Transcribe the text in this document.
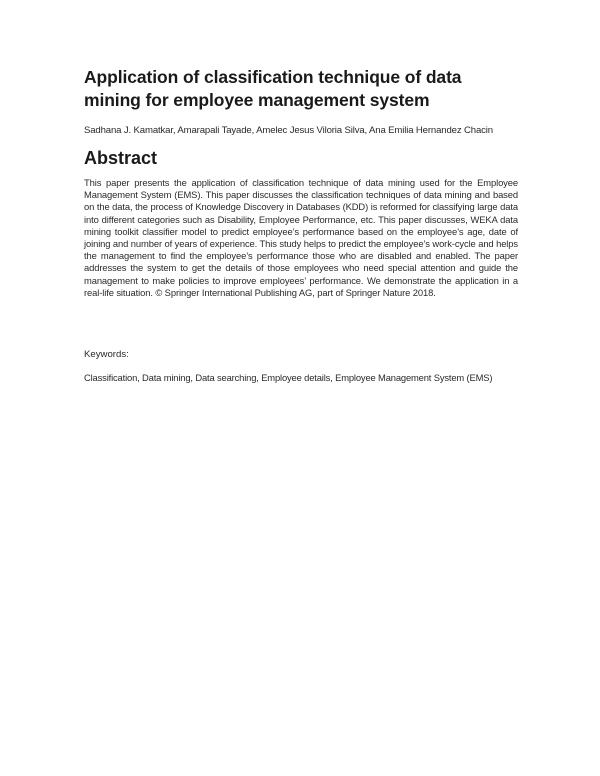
Application of classification technique of data mining for employee management system
Sadhana J. Kamatkar, Amarapali Tayade, Amelec Jesus Viloria Silva, Ana Emilia Hernandez Chacin
Abstract

This paper presents the application of classification technique of data mining used for the Employee Management System (EMS). This paper discusses the classification techniques of data mining and based on the data, the process of Knowledge Discovery in Databases (KDD) is reformed for classifying large data into different categories such as Disability, Employee Performance, etc. This paper discusses, WEKA data mining toolkit classifier model to predict employee’s performance based on the employee’s age, date of joining and number of years of experience. This study helps to predict the employee’s work-cycle and helps the management to find the employee’s performance those who are disabled and enabled. The paper addresses the system to get the details of those employees who need special attention and guide the management to make policies to improve employees’ performance. We demonstrate the application in a real-life situation. © Springer International Publishing AG, part of Springer Nature 2018.

Keywords:
Classification, Data mining, Data searching, Employee details, Employee Management System (EMS)
